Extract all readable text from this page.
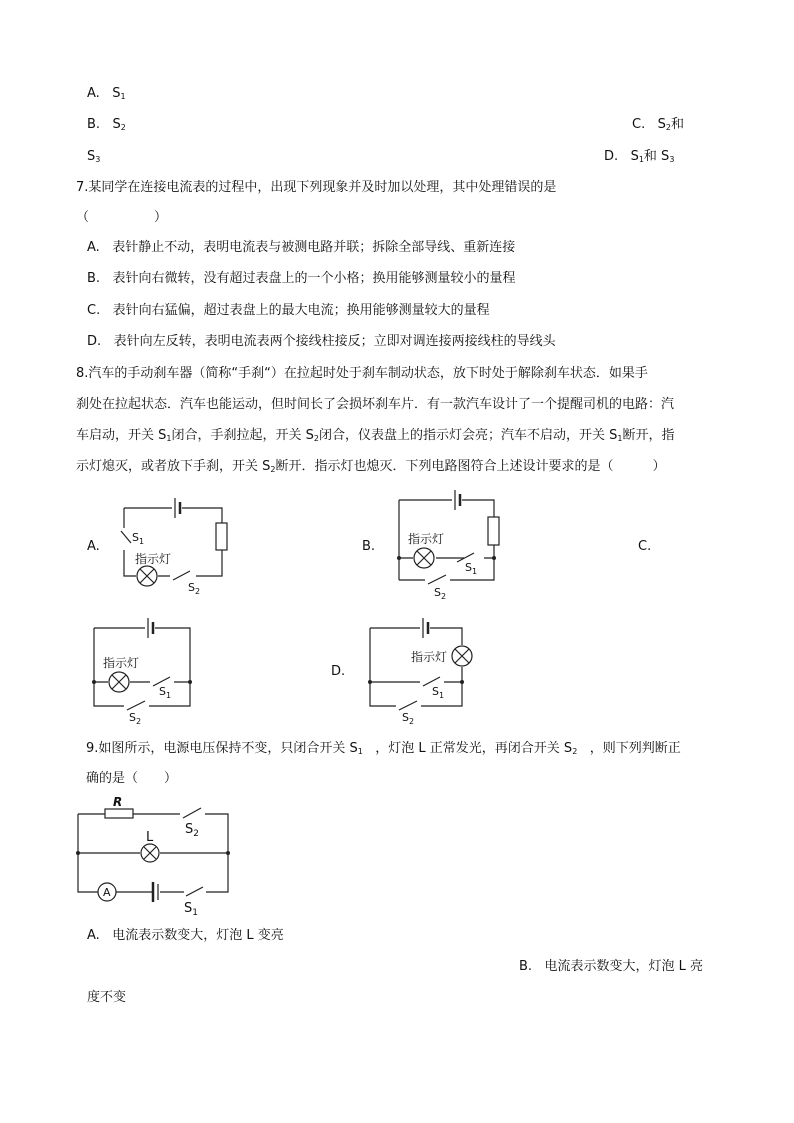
A. $S_1$
B. $S_2$	C. $S_2$和
$S_3$	D. $S_1$和 $S_3$
7.某同学在连接电流表的过程中，出现下列现象并及时加以处理，其中处理错误的是
（　　　　　）
A. 表针静止不动，表明电流表与被测电路并联；拆除全部导线、重新连接
B. 表针向右微转，没有超过表盘上的一个小格；换用能够测量较小的量程
C. 表针向右猛偏，超过表盘上的最大电流；换用能够测量较大的量程
D. 表针向左反转，表明电流表两个接线柱接反；立即对调连接两接线柱的导线头
8.汽车的手动刹车器（简称“手刹“）在拉起时处于刹车制动状态，放下时处于解除刹车状态．如果手
刹处在拉起状态．汽车也能运动，但时间长了会损坏刹车片．有一款汽车设计了一个提醒司机的电路：汽
车启动，开关 $S_1$闭合，手刹拉起，开关 $S_2$闭合，仪表盘上的指示灯会亮；汽车不启动，开关 $S_1$断开，指
示灯熄灭，或者放下手刹，开关 $S_2$断开．指示灯也熄灭．下列电路图符合上述设计要求的是（　　　）
A.	B.	C.
D.
指示灯
$S_1$
$S_2$
指示灯
$S_1$
$S_2$
指示灯
$S_1$
$S_2$
指示灯
$S_1$
$S_2$
9.如图所示，电源电压保持不变，只闭合开关 $S_1$ ，灯泡 L 正常发光，再闭合开关 $S_2$ ，则下列判断正
确的是（　　）
R
$S_2$
L
A
$S_1$
A. 电流表示数变大，灯泡 L 变亮
B. 电流表示数变大，灯泡 L 亮
度不变
